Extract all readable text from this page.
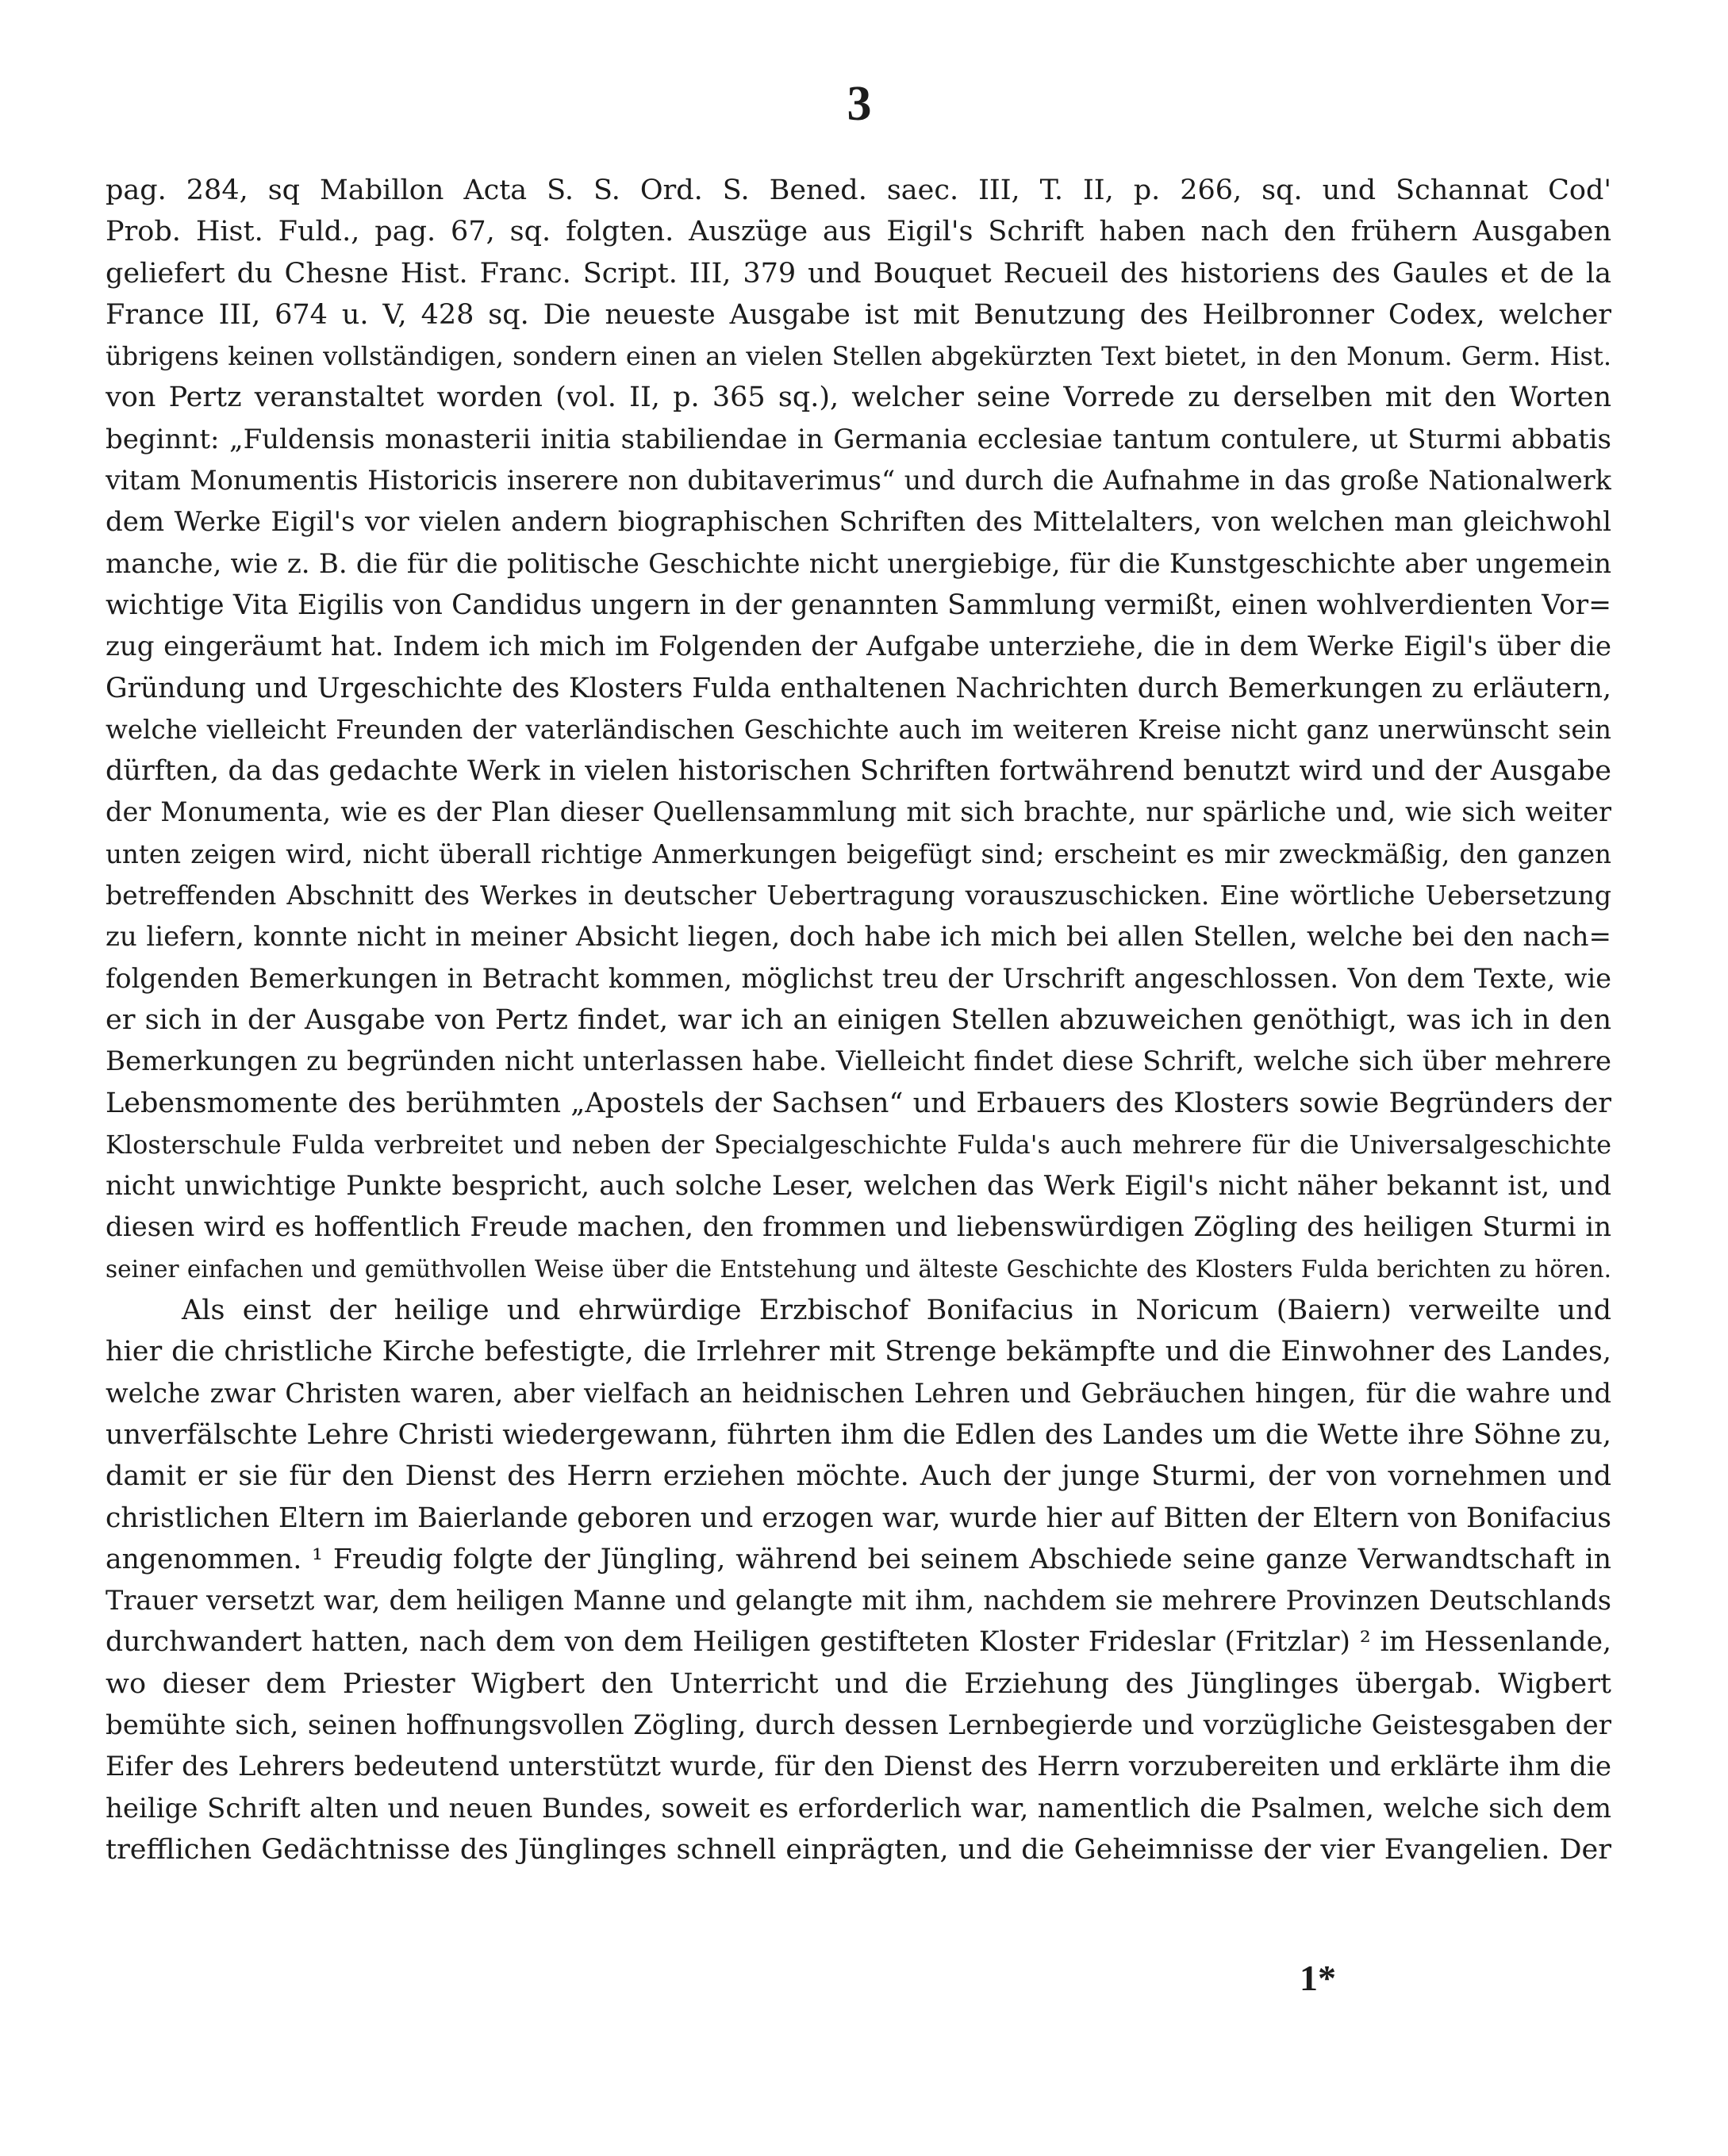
3
pag. 284, sq Mabillon Acta S. S. Ord. S. Bened. saec. III, T. II, p. 266, sq. und Schannat Cod'
Prob. Hist. Fuld., pag. 67, sq. folgten. Auszüge aus Eigil's Schrift haben nach den frühern Ausgaben
geliefert du Chesne Hist. Franc. Script. III, 379 und Bouquet Recueil des historiens des Gaules et de la
France III, 674 u. V, 428 sq. Die neueste Ausgabe ist mit Benutzung des Heilbronner Codex, welcher
übrigens keinen vollständigen, sondern einen an vielen Stellen abgekürzten Text bietet, in den Monum. Germ. Hist.
von Pertz veranstaltet worden (vol. II, p. 365 sq.), welcher seine Vorrede zu derselben mit den Worten
beginnt: „Fuldensis monasterii initia stabiliendae in Germania ecclesiae tantum contulere, ut Sturmi abbatis
vitam Monumentis Historicis inserere non dubitaverimus“ und durch die Aufnahme in das große Nationalwerk
dem Werke Eigil's vor vielen andern biographischen Schriften des Mittelalters, von welchen man gleichwohl
manche, wie z. B. die für die politische Geschichte nicht unergiebige, für die Kunstgeschichte aber ungemein
wichtige Vita Eigilis von Candidus ungern in der genannten Sammlung vermißt, einen wohlverdienten Vor=
zug eingeräumt hat. Indem ich mich im Folgenden der Aufgabe unterziehe, die in dem Werke Eigil's über die
Gründung und Urgeschichte des Klosters Fulda enthaltenen Nachrichten durch Bemerkungen zu erläutern,
welche vielleicht Freunden der vaterländischen Geschichte auch im weiteren Kreise nicht ganz unerwünscht sein
dürften, da das gedachte Werk in vielen historischen Schriften fortwährend benutzt wird und der Ausgabe
der Monumenta, wie es der Plan dieser Quellensammlung mit sich brachte, nur spärliche und, wie sich weiter
unten zeigen wird, nicht überall richtige Anmerkungen beigefügt sind; erscheint es mir zweckmäßig, den ganzen
betreffenden Abschnitt des Werkes in deutscher Uebertragung vorauszuschicken. Eine wörtliche Uebersetzung
zu liefern, konnte nicht in meiner Absicht liegen, doch habe ich mich bei allen Stellen, welche bei den nach=
folgenden Bemerkungen in Betracht kommen, möglichst treu der Urschrift angeschlossen. Von dem Texte, wie
er sich in der Ausgabe von Pertz findet, war ich an einigen Stellen abzuweichen genöthigt, was ich in den
Bemerkungen zu begründen nicht unterlassen habe. Vielleicht findet diese Schrift, welche sich über mehrere
Lebensmomente des berühmten „Apostels der Sachsen“ und Erbauers des Klosters sowie Begründers der
Klosterschule Fulda verbreitet und neben der Specialgeschichte Fulda's auch mehrere für die Universalgeschichte
nicht unwichtige Punkte bespricht, auch solche Leser, welchen das Werk Eigil's nicht näher bekannt ist, und
diesen wird es hoffentlich Freude machen, den frommen und liebenswürdigen Zögling des heiligen Sturmi in
seiner einfachen und gemüthvollen Weise über die Entstehung und älteste Geschichte des Klosters Fulda berichten zu hören.
Als einst der heilige und ehrwürdige Erzbischof Bonifacius in Noricum (Baiern) verweilte und
hier die christliche Kirche befestigte, die Irrlehrer mit Strenge bekämpfte und die Einwohner des Landes,
welche zwar Christen waren, aber vielfach an heidnischen Lehren und Gebräuchen hingen, für die wahre und
unverfälschte Lehre Christi wiedergewann, führten ihm die Edlen des Landes um die Wette ihre Söhne zu,
damit er sie für den Dienst des Herrn erziehen möchte. Auch der junge Sturmi, der von vornehmen und
christlichen Eltern im Baierlande geboren und erzogen war, wurde hier auf Bitten der Eltern von Bonifacius
angenommen. ¹ Freudig folgte der Jüngling, während bei seinem Abschiede seine ganze Verwandtschaft in
Trauer versetzt war, dem heiligen Manne und gelangte mit ihm, nachdem sie mehrere Provinzen Deutschlands
durchwandert hatten, nach dem von dem Heiligen gestifteten Kloster Frideslar (Fritzlar) ² im Hessenlande,
wo dieser dem Priester Wigbert den Unterricht und die Erziehung des Jünglinges übergab. Wigbert
bemühte sich, seinen hoffnungsvollen Zögling, durch dessen Lernbegierde und vorzügliche Geistesgaben der
Eifer des Lehrers bedeutend unterstützt wurde, für den Dienst des Herrn vorzubereiten und erklärte ihm die
heilige Schrift alten und neuen Bundes, soweit es erforderlich war, namentlich die Psalmen, welche sich dem
trefflichen Gedächtnisse des Jünglinges schnell einprägten, und die Geheimnisse der vier Evangelien. Der
1*
